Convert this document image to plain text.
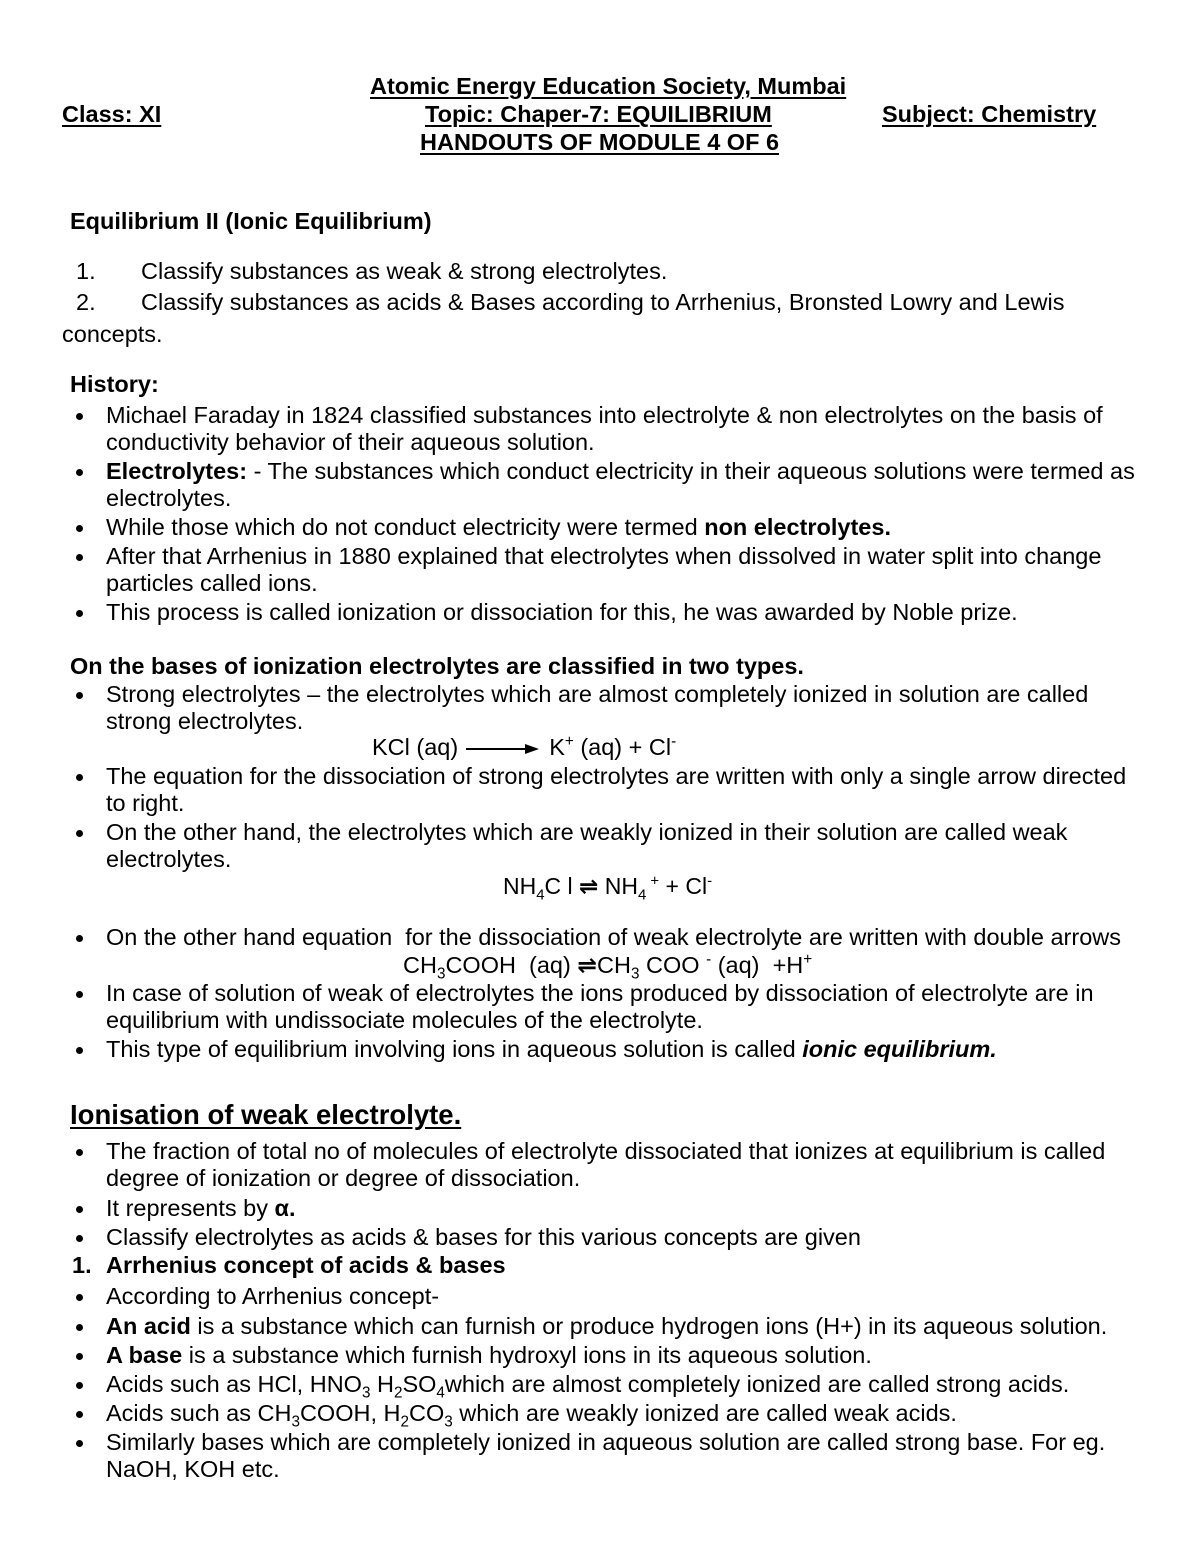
Atomic Energy Education Society, Mumbai
Class: XI	Topic: Chaper-7: EQUILIBRIUM	Subject: Chemistry
HANDOUTS OF MODULE 4 OF 6
Equilibrium II (Ionic Equilibrium)
1. Classify substances as weak & strong electrolytes.
2. Classify substances as acids & Bases according to Arrhenius, Bronsted Lowry and Lewis concepts.
History:
Michael Faraday in 1824 classified substances into electrolyte & non electrolytes on the basis of conductivity behavior of their aqueous solution.
Electrolytes: - The substances which conduct electricity in their aqueous solutions were termed as electrolytes.
While those which do not conduct electricity were termed non electrolytes.
After that Arrhenius in 1880 explained that electrolytes when dissolved in water split into change particles called ions.
This process is called ionization or dissociation for this, he was awarded by Noble prize.
On the bases of ionization electrolytes are classified in two types.
Strong electrolytes – the electrolytes which are almost completely ionized in solution are called strong electrolytes.
KCl (aq) → K+ (aq) + Cl-
The equation for the dissociation of strong electrolytes are written with only a single arrow directed to right.
On the other hand, the electrolytes which are weakly ionized in their solution are called weak electrolytes.
$NH_4C$ l ⇌ $NH_4$ + + Cl-
On the other hand equation  for the dissociation of weak electrolyte are written with double arrows
$CH_3COOH$  (aq) $\rightleftharpoons CH_3$ COO - (aq)  +H+
In case of solution of weak of electrolytes the ions produced by dissociation of electrolyte are in equilibrium with undissociate molecules of the electrolyte.
This type of equilibrium involving ions in aqueous solution is called ionic equilibrium.
Ionisation of weak electrolyte.
The fraction of total no of molecules of electrolyte dissociated that ionizes at equilibrium is called degree of ionization or degree of dissociation.
It represents by α.
Classify electrolytes as acids & bases for this various concepts are given
1. Arrhenius concept of acids & bases
According to Arrhenius concept-
An acid is a substance which can furnish or produce hydrogen ions (H+) in its aqueous solution.
A base is a substance which furnish hydroxyl ions in its aqueous solution.
Acids such as HCl, $HNO_3$ $H_2SO_4which$ are almost completely ionized are called strong acids.
Acids such as $CH_3COOH$, $H_2CO_3$ which are weakly ionized are called weak acids.
Similarly bases which are completely ionized in aqueous solution are called strong base. For eg. NaOH, KOH etc.
